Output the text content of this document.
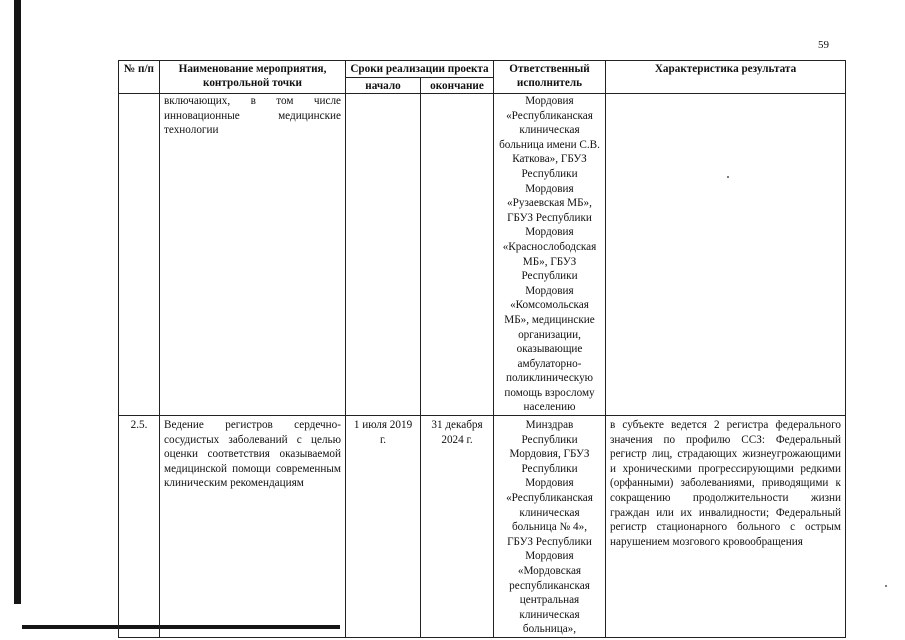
59
№ п/п	Наименование мероприятия, контрольной точки	Сроки реализации проекта		Ответственный исполнитель	Характеристика результата
		начало	окончание		
	включающих, в том числе инновационные медицинские технологии			Мордовия «Республиканская клиническая больница имени С.В. Каткова», ГБУЗ Республики Мордовия «Рузаевская МБ», ГБУЗ Республики Мордовия «Краснослободская МБ», ГБУЗ Республики Мордовия «Комсомольская МБ», медицинские организации, оказывающие амбулаторно-поликлиническую помощь взрослому населению	
2.5.	Ведение регистров сердечно-сосудистых заболеваний с целью оценки соответствия оказываемой медицинской помощи современным клиническим рекомендациям	1 июля 2019 г.	31 декабря 2024 г.	Минздрав Республики Мордовия, ГБУЗ Республики Мордовия «Республиканская клиническая больница № 4», ГБУЗ Республики Мордовия «Мордовская республиканская центральная клиническая больница»,	в субъекте ведется 2 регистра федерального значения по профилю ССЗ: Федеральный регистр лиц, страдающих жизнеугрожающими и хроническими прогрессирующими редкими (орфанными) заболеваниями, приводящими к сокращению продолжительности жизни граждан или их инвалидности; Федеральный регистр стационарного больного с острым нарушением мозгового кровообращения
